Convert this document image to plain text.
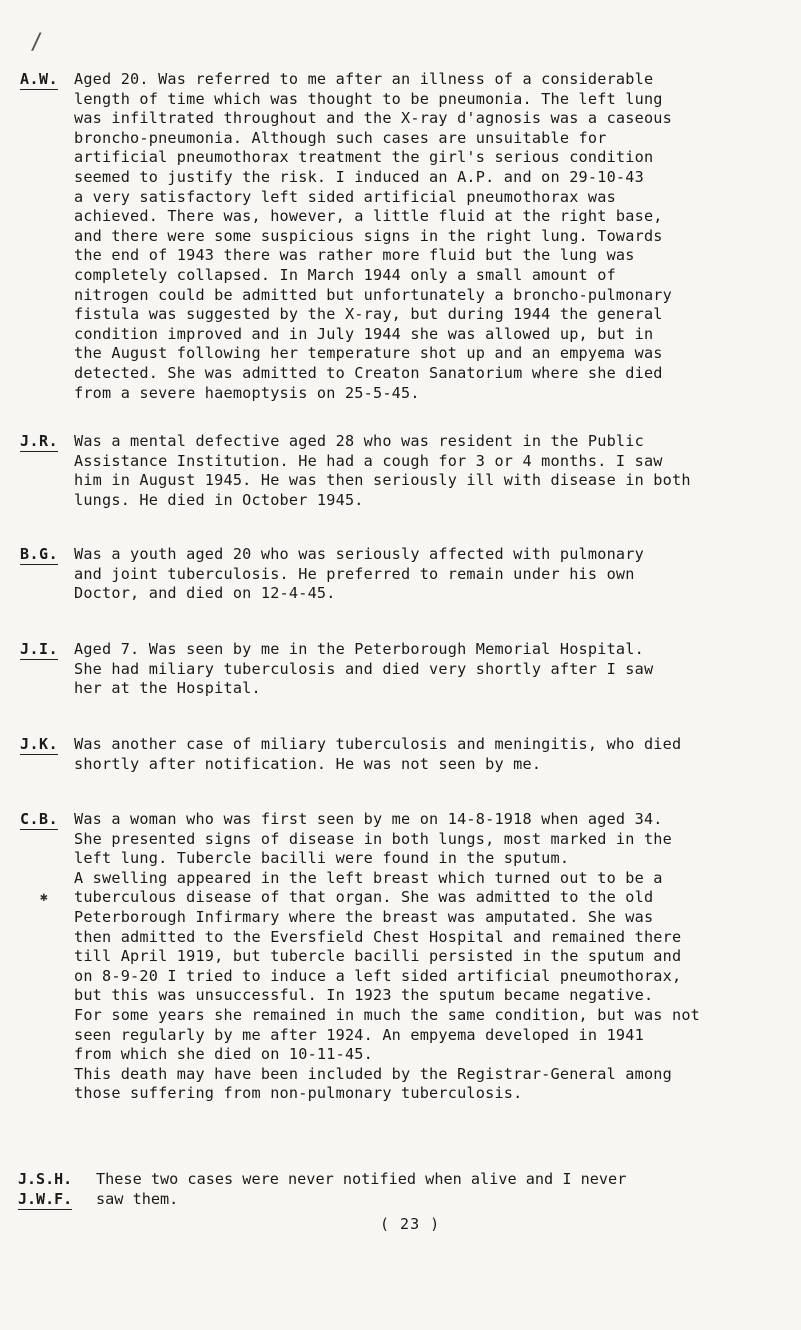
/
A.W. Aged 20. Was referred to me after an illness of a considerable
length of time which was thought to be pneumonia. The left lung
was infiltrated throughout and the X-ray d'agnosis was a caseous
broncho-pneumonia. Although such cases are unsuitable for
artificial pneumothorax treatment the girl's serious condition
seemed to justify the risk. I induced an A.P. and on 29-10-43
a very satisfactory left sided artificial pneumothorax was
achieved. There was, however, a little fluid at the right base,
and there were some suspicious signs in the right lung. Towards
the end of 1943 there was rather more fluid but the lung was
completely collapsed. In March 1944 only a small amount of
nitrogen could be admitted but unfortunately a broncho-pulmonary
fistula was suggested by the X-ray, but during 1944 the general
condition improved and in July 1944 she was allowed up, but in
the August following her temperature shot up and an empyema was
detected. She was admitted to Creaton Sanatorium where she died
from a severe haemoptysis on 25-5-45.
J.R. Was a mental defective aged 28 who was resident in the Public
Assistance Institution. He had a cough for 3 or 4 months. I saw
him in August 1945. He was then seriously ill with disease in both
lungs. He died in October 1945.
B.G. Was a youth aged 20 who was seriously affected with pulmonary
and joint tuberculosis. He preferred to remain under his own
Doctor, and died on 12-4-45.
J.I. Aged 7. Was seen by me in the Peterborough Memorial Hospital.
She had miliary tuberculosis and died very shortly after I saw
her at the Hospital.
J.K. Was another case of miliary tuberculosis and meningitis, who died
shortly after notification. He was not seen by me.
C.B. Was a woman who was first seen by me on 14-8-1918 when aged 34.
She presented signs of disease in both lungs, most marked in the
left lung. Tubercle bacilli were found in the sputum.
A swelling appeared in the left breast which turned out to be a
tuberculous disease of that organ. She was admitted to the old
Peterborough Infirmary where the breast was amputated. She was
then admitted to the Eversfield Chest Hospital and remained there
till April 1919, but tubercle bacilli persisted in the sputum and
on 8-9-20 I tried to induce a left sided artificial pneumothorax,
but this was unsuccessful. In 1923 the sputum became negative.
For some years she remained in much the same condition, but was not
seen regularly by me after 1924. An empyema developed in 1941
from which she died on 10-11-45.
This death may have been included by the Registrar-General among
those suffering from non-pulmonary tuberculosis.
✱
J.S.H.
J.W.F.
These two cases were never notified when alive and I never
saw them.
( 23 )
